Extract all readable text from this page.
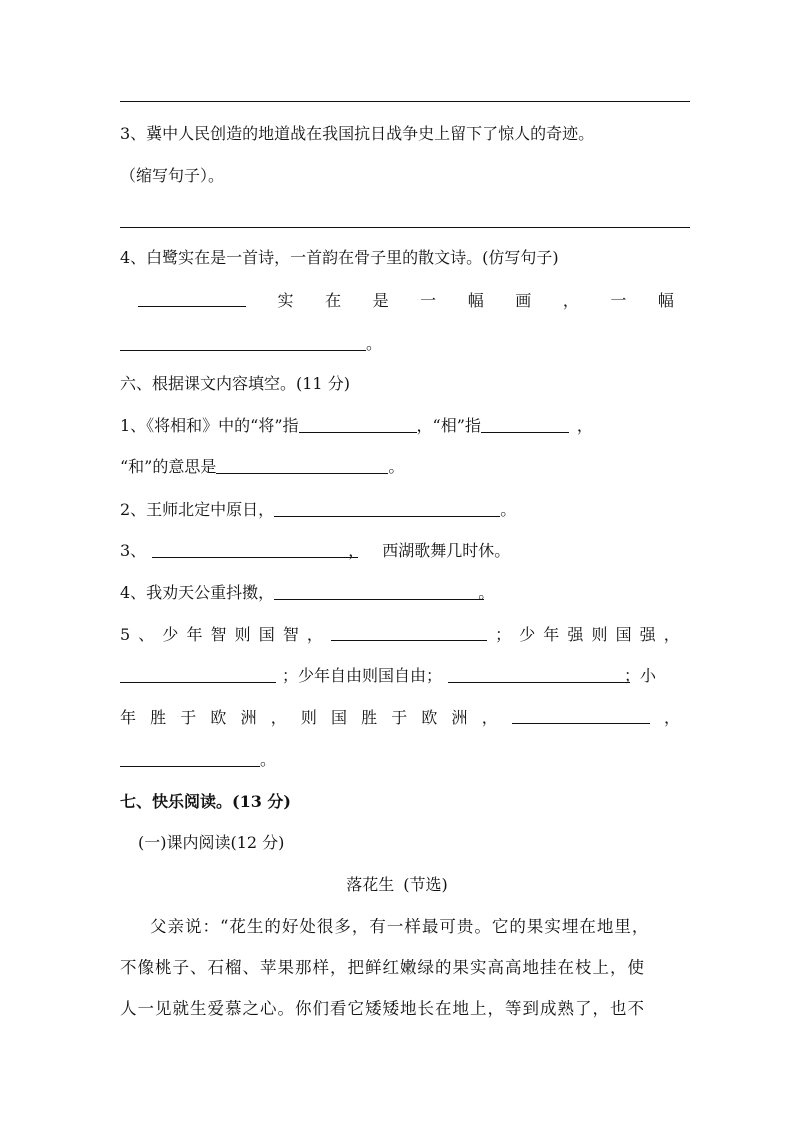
3、冀中人民创造的地道战在我国抗日战争史上留下了惊人的奇迹。
（缩写句子）。
4、白鹭实在是一首诗，一首韵在骨子里的散文诗。(仿写句子)
实 在 是 一 幅 画 ， 一 幅
。
六、根据课文内容填空。(11 分)
1、《将相和》中的“将”指	，“相”指	，
“和”的意思是	。
2、王师北定中原日，	。
3、	， 西湖歌舞几时休。
4、我劝天公重抖擞，	。
5 、 少 年 智 则 国 智 ，	； 少 年 强 则 国 强 ，
；少年自由则国自由；	；小
年 胜 于 欧 洲 ， 则 国 胜 于 欧 洲 ，	，
。
七、快乐阅读。(13 分)
(一)课内阅读(12 分)
落花生 (节选)
父亲说：“花生的好处很多，有一样最可贵。它的果实埋在地里，
不像桃子、石榴、苹果那样，把鲜红嫩绿的果实高高地挂在枝上，使
人一见就生爱慕之心。你们看它矮矮地长在地上，等到成熟了，也不
